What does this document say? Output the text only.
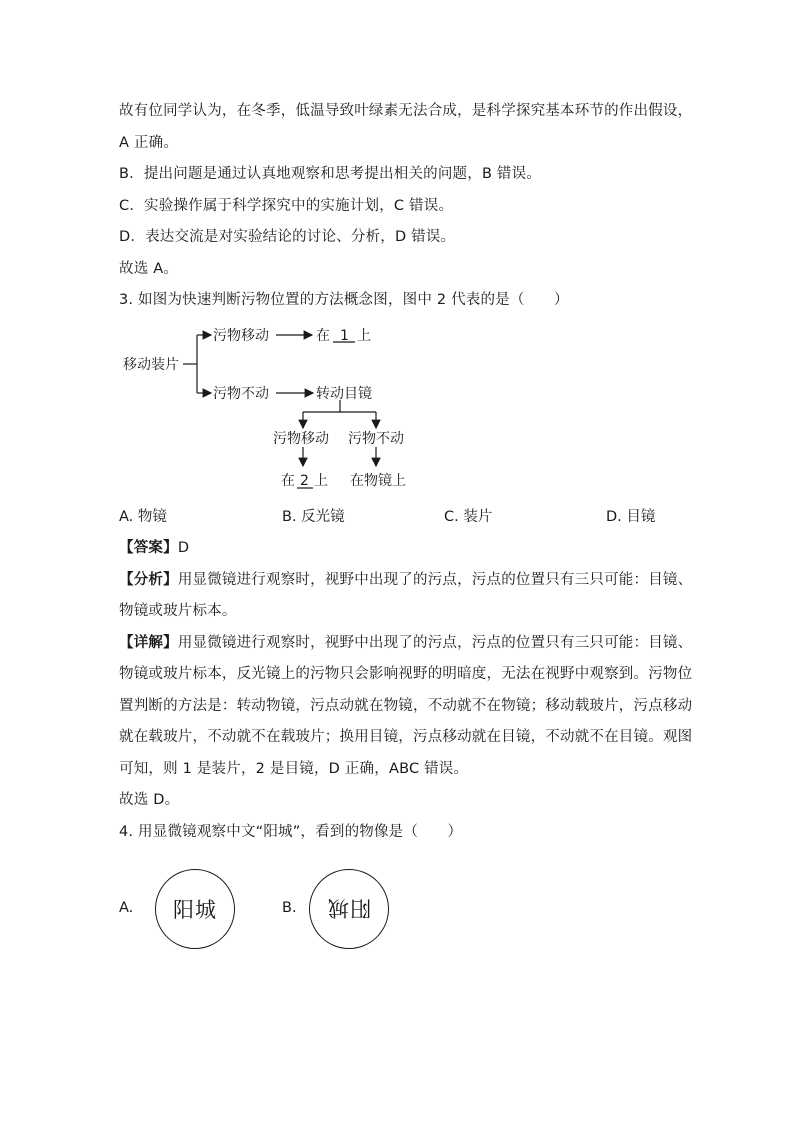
故有位同学认为，在冬季，低温导致叶绿素无法合成，是科学探究基本环节的作出假设，
A 正确。
B．提出问题是通过认真地观察和思考提出相关的问题，B 错误。
C．实验操作属于科学探究中的实施计划，C 错误。
D．表达交流是对实验结论的讨论、分析，D 错误。
故选 A。
3. 如图为快速判断污物位置的方法概念图，图中 2 代表的是（　　）
移动装片
污物移动	在 1 上
污物不动	转动目镜
污物移动 污物不动
在 2 上 在物镜上
A. 物镜	B. 反光镜	C. 装片	D. 目镜
【答案】D
【分析】用显微镜进行观察时，视野中出现了的污点，污点的位置只有三只可能：目镜、
物镜或玻片标本。
【详解】用显微镜进行观察时，视野中出现了的污点，污点的位置只有三只可能：目镜、
物镜或玻片标本，反光镜上的污物只会影响视野的明暗度，无法在视野中观察到。污物位
置判断的方法是：转动物镜，污点动就在物镜，不动就不在物镜；移动载玻片，污点移动
就在载玻片，不动就不在载玻片；换用目镜，污点移动就在目镜，不动就不在目镜。观图
可知，则 1 是装片，2 是目镜，D 正确，ABC 错误。
故选 D。
4. 用显微镜观察中文“阳城”，看到的物像是（　　）
A. 阳城	B. 阳城
